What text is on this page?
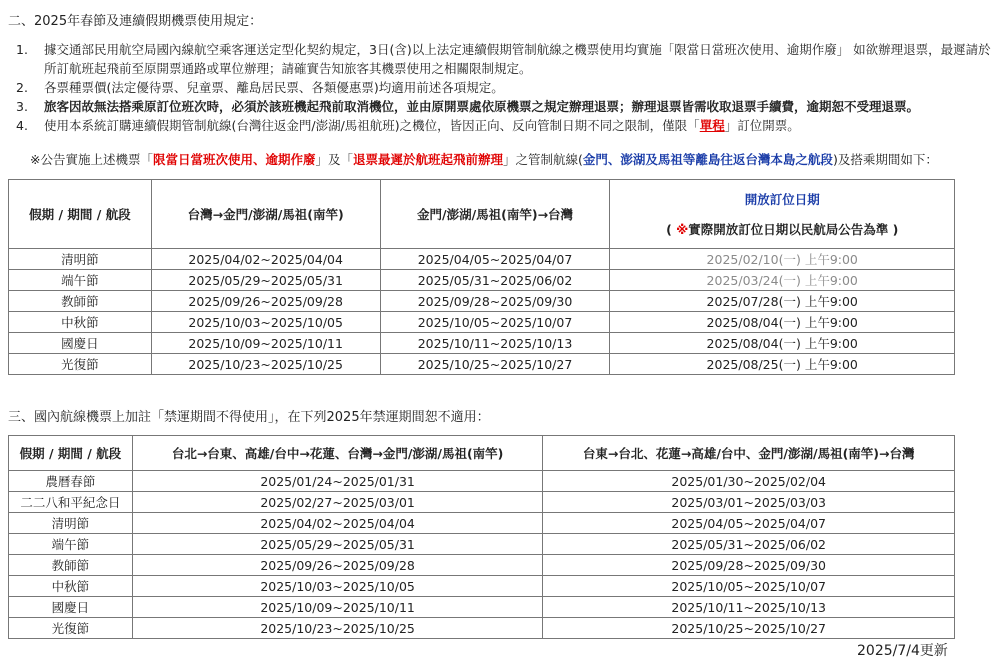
二、2025年春節及連續假期機票使用規定：
1. 據交通部民用航空局國內線航空乘客運送定型化契約規定，3日(含)以上法定連續假期管制航線之機票使用均實施「限當日當班次使用、逾期作廢」 如欲辦理退票，最遲請於所訂航班起飛前至原開票通路或單位辦理；請確實告知旅客其機票使用之相關限制規定。
2. 各票種票價(法定優待票、兒童票、離島居民票、各類優惠票)均適用前述各項規定。
3. 旅客因故無法搭乘原訂位班次時，必須於該班機起飛前取消機位，並由原開票處依原機票之規定辦理退票；辦理退票皆需收取退票手續費，逾期恕不受理退票。
4. 使用本系統訂購連續假期管制航線(台灣往返金門/澎湖/馬祖航班)之機位，皆因正向、反向管制日期不同之限制，僅限「單程」訂位開票。
※公告實施上述機票「限當日當班次使用、逾期作廢」及「退票最遲於航班起飛前辦理」之管制航線(金門、澎湖及馬祖等離島往返台灣本島之航段)及搭乘期間如下：
假期 / 期間 / 航段	台灣→金門/澎湖/馬祖(南竿)	金門/澎湖/馬祖(南竿)→台灣	開放訂位日期
( ※實際開放訂位日期以民航局公告為準 )

清明節	2025/04/02~2025/04/04	2025/04/05~2025/04/07	2025/02/10(一) 上午9:00
端午節	2025/05/29~2025/05/31	2025/05/31~2025/06/02	2025/03/24(一) 上午9:00
教師節	2025/09/26~2025/09/28	2025/09/28~2025/09/30	2025/07/28(一) 上午9:00
中秋節	2025/10/03~2025/10/05	2025/10/05~2025/10/07	2025/08/04(一) 上午9:00
國慶日	2025/10/09~2025/10/11	2025/10/11~2025/10/13	2025/08/04(一) 上午9:00
光復節	2025/10/23~2025/10/25	2025/10/25~2025/10/27	2025/08/25(一) 上午9:00
三、國內航線機票上加註「禁運期間不得使用」，在下列2025年禁運期間恕不適用：
假期 / 期間 / 航段	台北→台東、高雄/台中→花蓮、台灣→金門/澎湖/馬祖(南竿)	台東→台北、花蓮→高雄/台中、金門/澎湖/馬祖(南竿)→台灣
農曆春節	2025/01/24~2025/01/31	2025/01/30~2025/02/04
二二八和平紀念日	2025/02/27~2025/03/01	2025/03/01~2025/03/03
清明節	2025/04/02~2025/04/04	2025/04/05~2025/04/07
端午節	2025/05/29~2025/05/31	2025/05/31~2025/06/02
教師節	2025/09/26~2025/09/28	2025/09/28~2025/09/30
中秋節	2025/10/03~2025/10/05	2025/10/05~2025/10/07
國慶日	2025/10/09~2025/10/11	2025/10/11~2025/10/13
光復節	2025/10/23~2025/10/25	2025/10/25~2025/10/27
2025/7/4更新
